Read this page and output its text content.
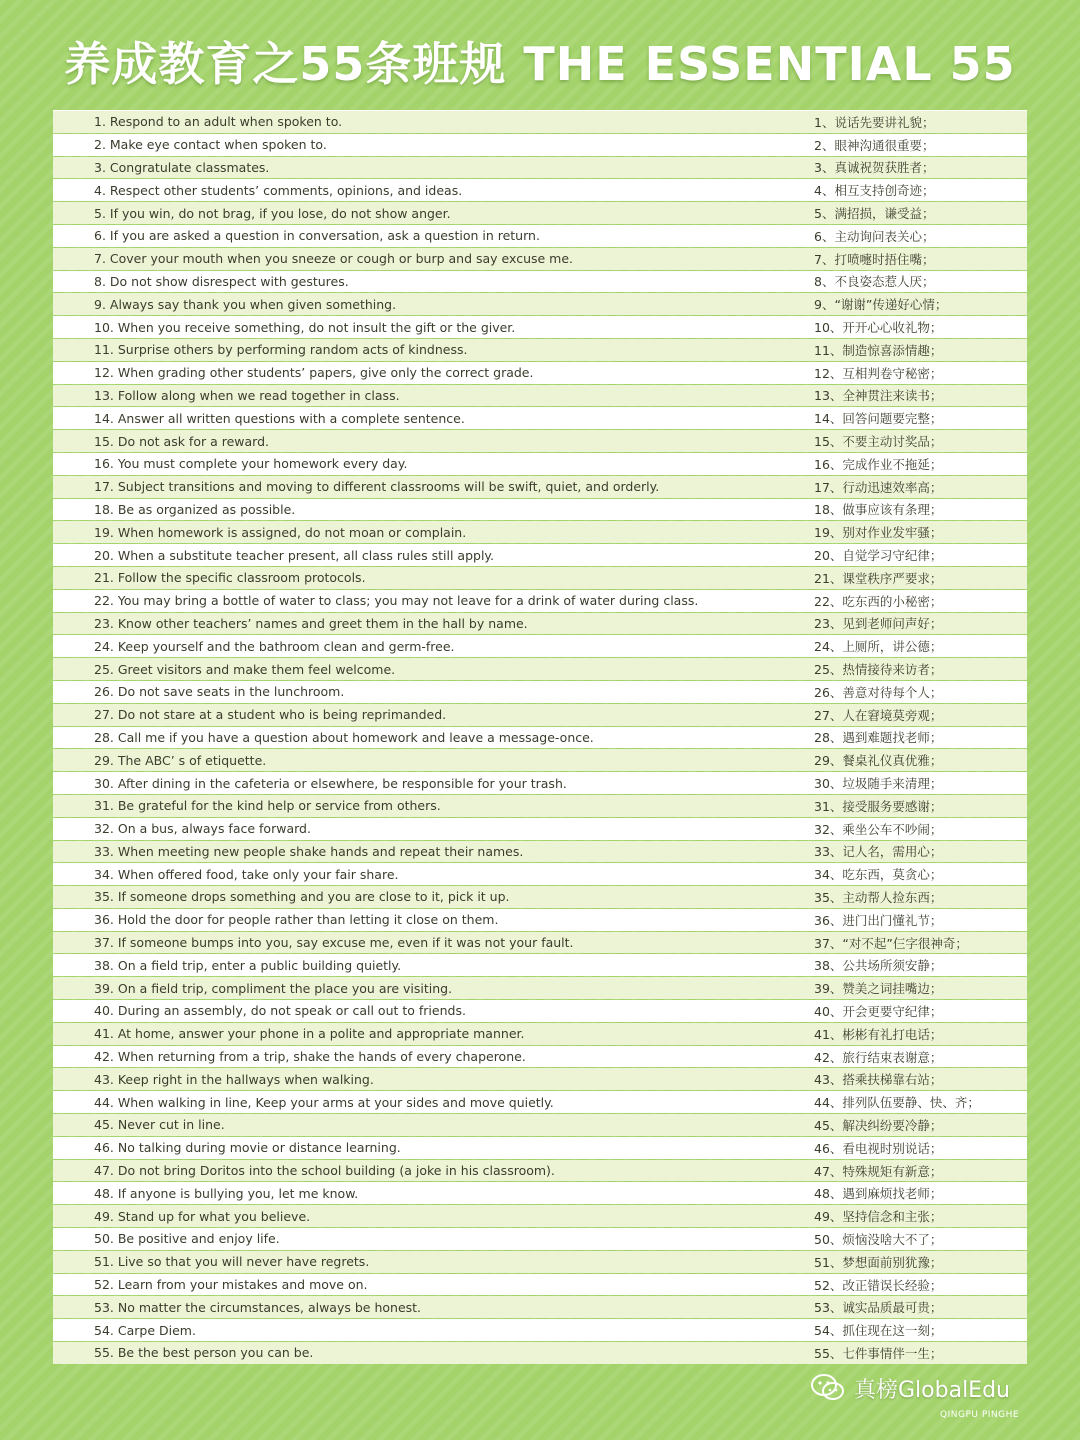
养成教育之55条班规 THE ESSENTIAL 55
1. Respond to an adult when spoken to.	1、说话先要讲礼貌；
2. Make eye contact when spoken to.	2、眼神沟通很重要；
3. Congratulate classmates.	3、真诚祝贺获胜者；
4. Respect other students’ comments, opinions, and ideas.	4、相互支持创奇迹；
5. If you win, do not brag, if you lose, do not show anger.	5、满招损，谦受益；
6. If you are asked a question in conversation, ask a question in return.	6、主动询问表关心；
7. Cover your mouth when you sneeze or cough or burp and say excuse me.	7、打喷嚏时捂住嘴；
8. Do not show disrespect with gestures.	8、不良姿态惹人厌；
9. Always say thank you when given something.	9、“谢谢”传递好心情；
10. When you receive something, do not insult the gift or the giver.	10、开开心心收礼物；
11. Surprise others by performing random acts of kindness.	11、制造惊喜添情趣；
12. When grading other students’ papers, give only the correct grade.	12、互相判卷守秘密；
13. Follow along when we read together in class.	13、全神贯注来读书；
14. Answer all written questions with a complete sentence.	14、回答问题要完整；
15. Do not ask for a reward.	15、不要主动讨奖品；
16. You must complete your homework every day.	16、完成作业不拖延；
17. Subject transitions and moving to different classrooms will be swift, quiet, and orderly.	17、行动迅速效率高；
18. Be as organized as possible.	18、做事应该有条理；
19. When homework is assigned, do not moan or complain.	19、别对作业发牢骚；
20. When a substitute teacher present, all class rules still apply.	20、自觉学习守纪律；
21. Follow the specific classroom protocols.	21、课堂秩序严要求；
22. You may bring a bottle of water to class; you may not leave for a drink of water during class.	22、吃东西的小秘密；
23. Know other teachers’ names and greet them in the hall by name.	23、见到老师问声好；
24. Keep yourself and the bathroom clean and germ-free.	24、上厕所，讲公德；
25. Greet visitors and make them feel welcome.	25、热情接待来访者；
26. Do not save seats in the lunchroom.	26、善意对待每个人；
27. Do not stare at a student who is being reprimanded.	27、人在窘境莫旁观；
28. Call me if you have a question about homework and leave a message-once.	28、遇到难题找老师；
29. The ABC’ s of etiquette.	29、餐桌礼仪真优雅；
30. After dining in the cafeteria or elsewhere, be responsible for your trash.	30、垃圾随手来清理；
31. Be grateful for the kind help or service from others.	31、接受服务要感谢；
32. On a bus, always face forward.	32、乘坐公车不吵闹；
33. When meeting new people shake hands and repeat their names.	33、记人名，需用心；
34. When offered food, take only your fair share.	34、吃东西，莫贪心；
35. If someone drops something and you are close to it, pick it up.	35、主动帮人捡东西；
36. Hold the door for people rather than letting it close on them.	36、进门出门懂礼节；
37. If someone bumps into you, say excuse me, even if it was not your fault.	37、“对不起”仨字很神奇；
38. On a field trip, enter a public building quietly.	38、公共场所须安静；
39. On a field trip, compliment the place you are visiting.	39、赞美之词挂嘴边；
40. During an assembly, do not speak or call out to friends.	40、开会更要守纪律；
41. At home, answer your phone in a polite and appropriate manner.	41、彬彬有礼打电话；
42. When returning from a trip, shake the hands of every chaperone.	42、旅行结束表谢意；
43. Keep right in the hallways when walking.	43、搭乘扶梯靠右站；
44. When walking in line, Keep your arms at your sides and move quietly.	44、排列队伍要静、快、齐；
45. Never cut in line.	45、解决纠纷要冷静；
46. No talking during movie or distance learning.	46、看电视时别说话；
47. Do not bring Doritos into the school building (a joke in his classroom).	47、特殊规矩有新意；
48. If anyone is bullying you, let me know.	48、遇到麻烦找老师；
49. Stand up for what you believe.	49、坚持信念和主张；
50. Be positive and enjoy life.	50、烦恼没啥大不了；
51. Live so that you will never have regrets.	51、梦想面前别犹豫；
52. Learn from your mistakes and move on.	52、改正错误长经验；
53. No matter the circumstances, always be honest.	53、诚实品质最可贵；
54. Carpe Diem.	54、抓住现在这一刻；
55. Be the best person you can be.	55、七件事情伴一生；
真榜GlobalEdu
QINGPU PINGHE
